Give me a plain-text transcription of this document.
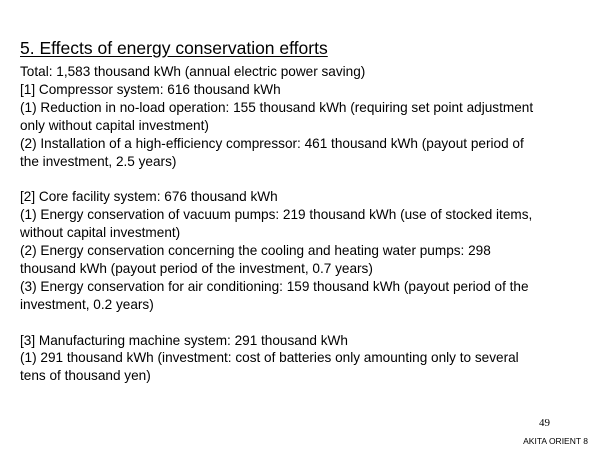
5. Effects of energy conservation efforts
Total: 1,583 thousand kWh (annual electric power saving)
[1] Compressor system: 616 thousand kWh
(1) Reduction in no-load operation: 155 thousand kWh (requiring set point adjustment
only without capital investment)
(2) Installation of a high-efficiency compressor: 461 thousand kWh (payout period of
the investment, 2.5 years)
[2] Core facility system: 676 thousand kWh
(1) Energy conservation of vacuum pumps: 219 thousand kWh (use of stocked items,
without capital investment)
(2) Energy conservation concerning the cooling and heating water pumps: 298
thousand kWh (payout period of the investment, 0.7 years)
(3) Energy conservation for air conditioning: 159 thousand kWh (payout period of the
investment, 0.2 years)
[3] Manufacturing machine system: 291 thousand kWh
(1) 291 thousand kWh (investment: cost of batteries only amounting only to several
tens of thousand yen)
49
AKITA ORIENT 8
